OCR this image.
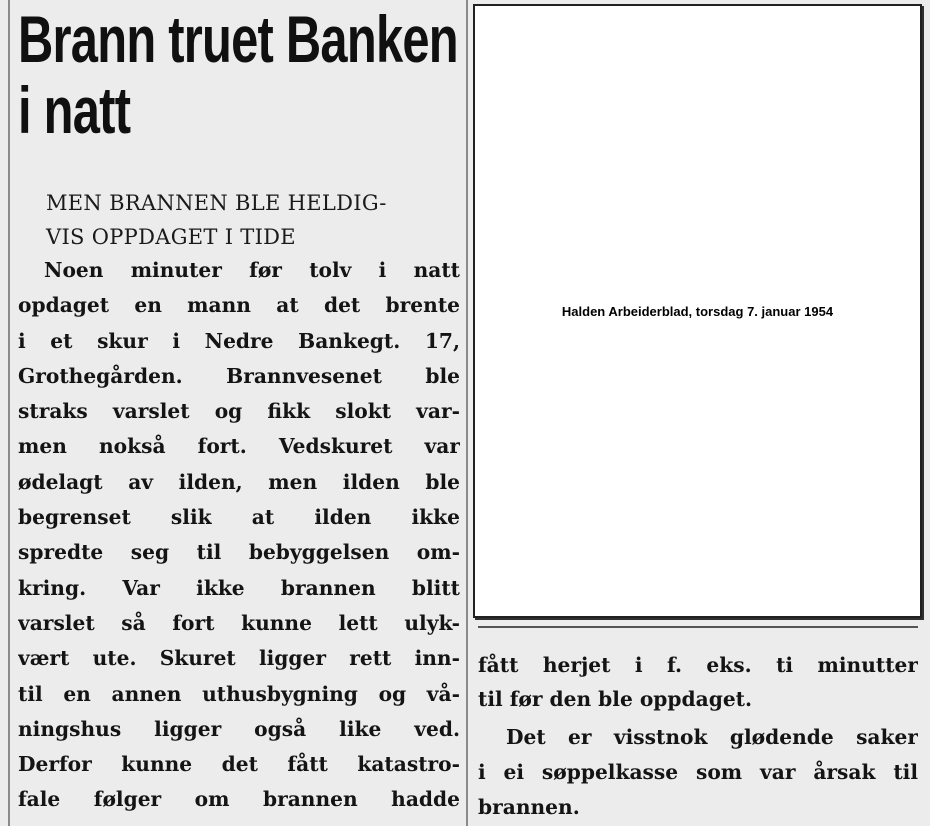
Brann truet Banken
i natt
MEN BRANNEN BLE HELDIG-
VIS OPPDAGET I TIDE
Noen minuter før tolv i natt
opdaget en mann at det brente
i et skur i Nedre Bankegt. 17,
Grothegården. Brannvesenet ble
straks varslet og fikk slokt var-
men nokså fort. Vedskuret var
ødelagt av ilden, men ilden ble
begrenset slik at ilden ikke
spredte seg til bebyggelsen om-
kring. Var ikke brannen blitt
varslet så fort kunne lett ulyk-
vært ute. Skuret ligger rett inn-
til en annen uthusbygning og vå-
ningshus ligger også like ved.
Derfor kunne det fått katastro-
fale følger om brannen hadde
Halden Arbeiderblad, torsdag 7. januar 1954
fått herjet i f. eks. ti minutter
til før den ble oppdaget.
Det er visstnok glødende saker
i ei søppelkasse som var årsak til
brannen.
